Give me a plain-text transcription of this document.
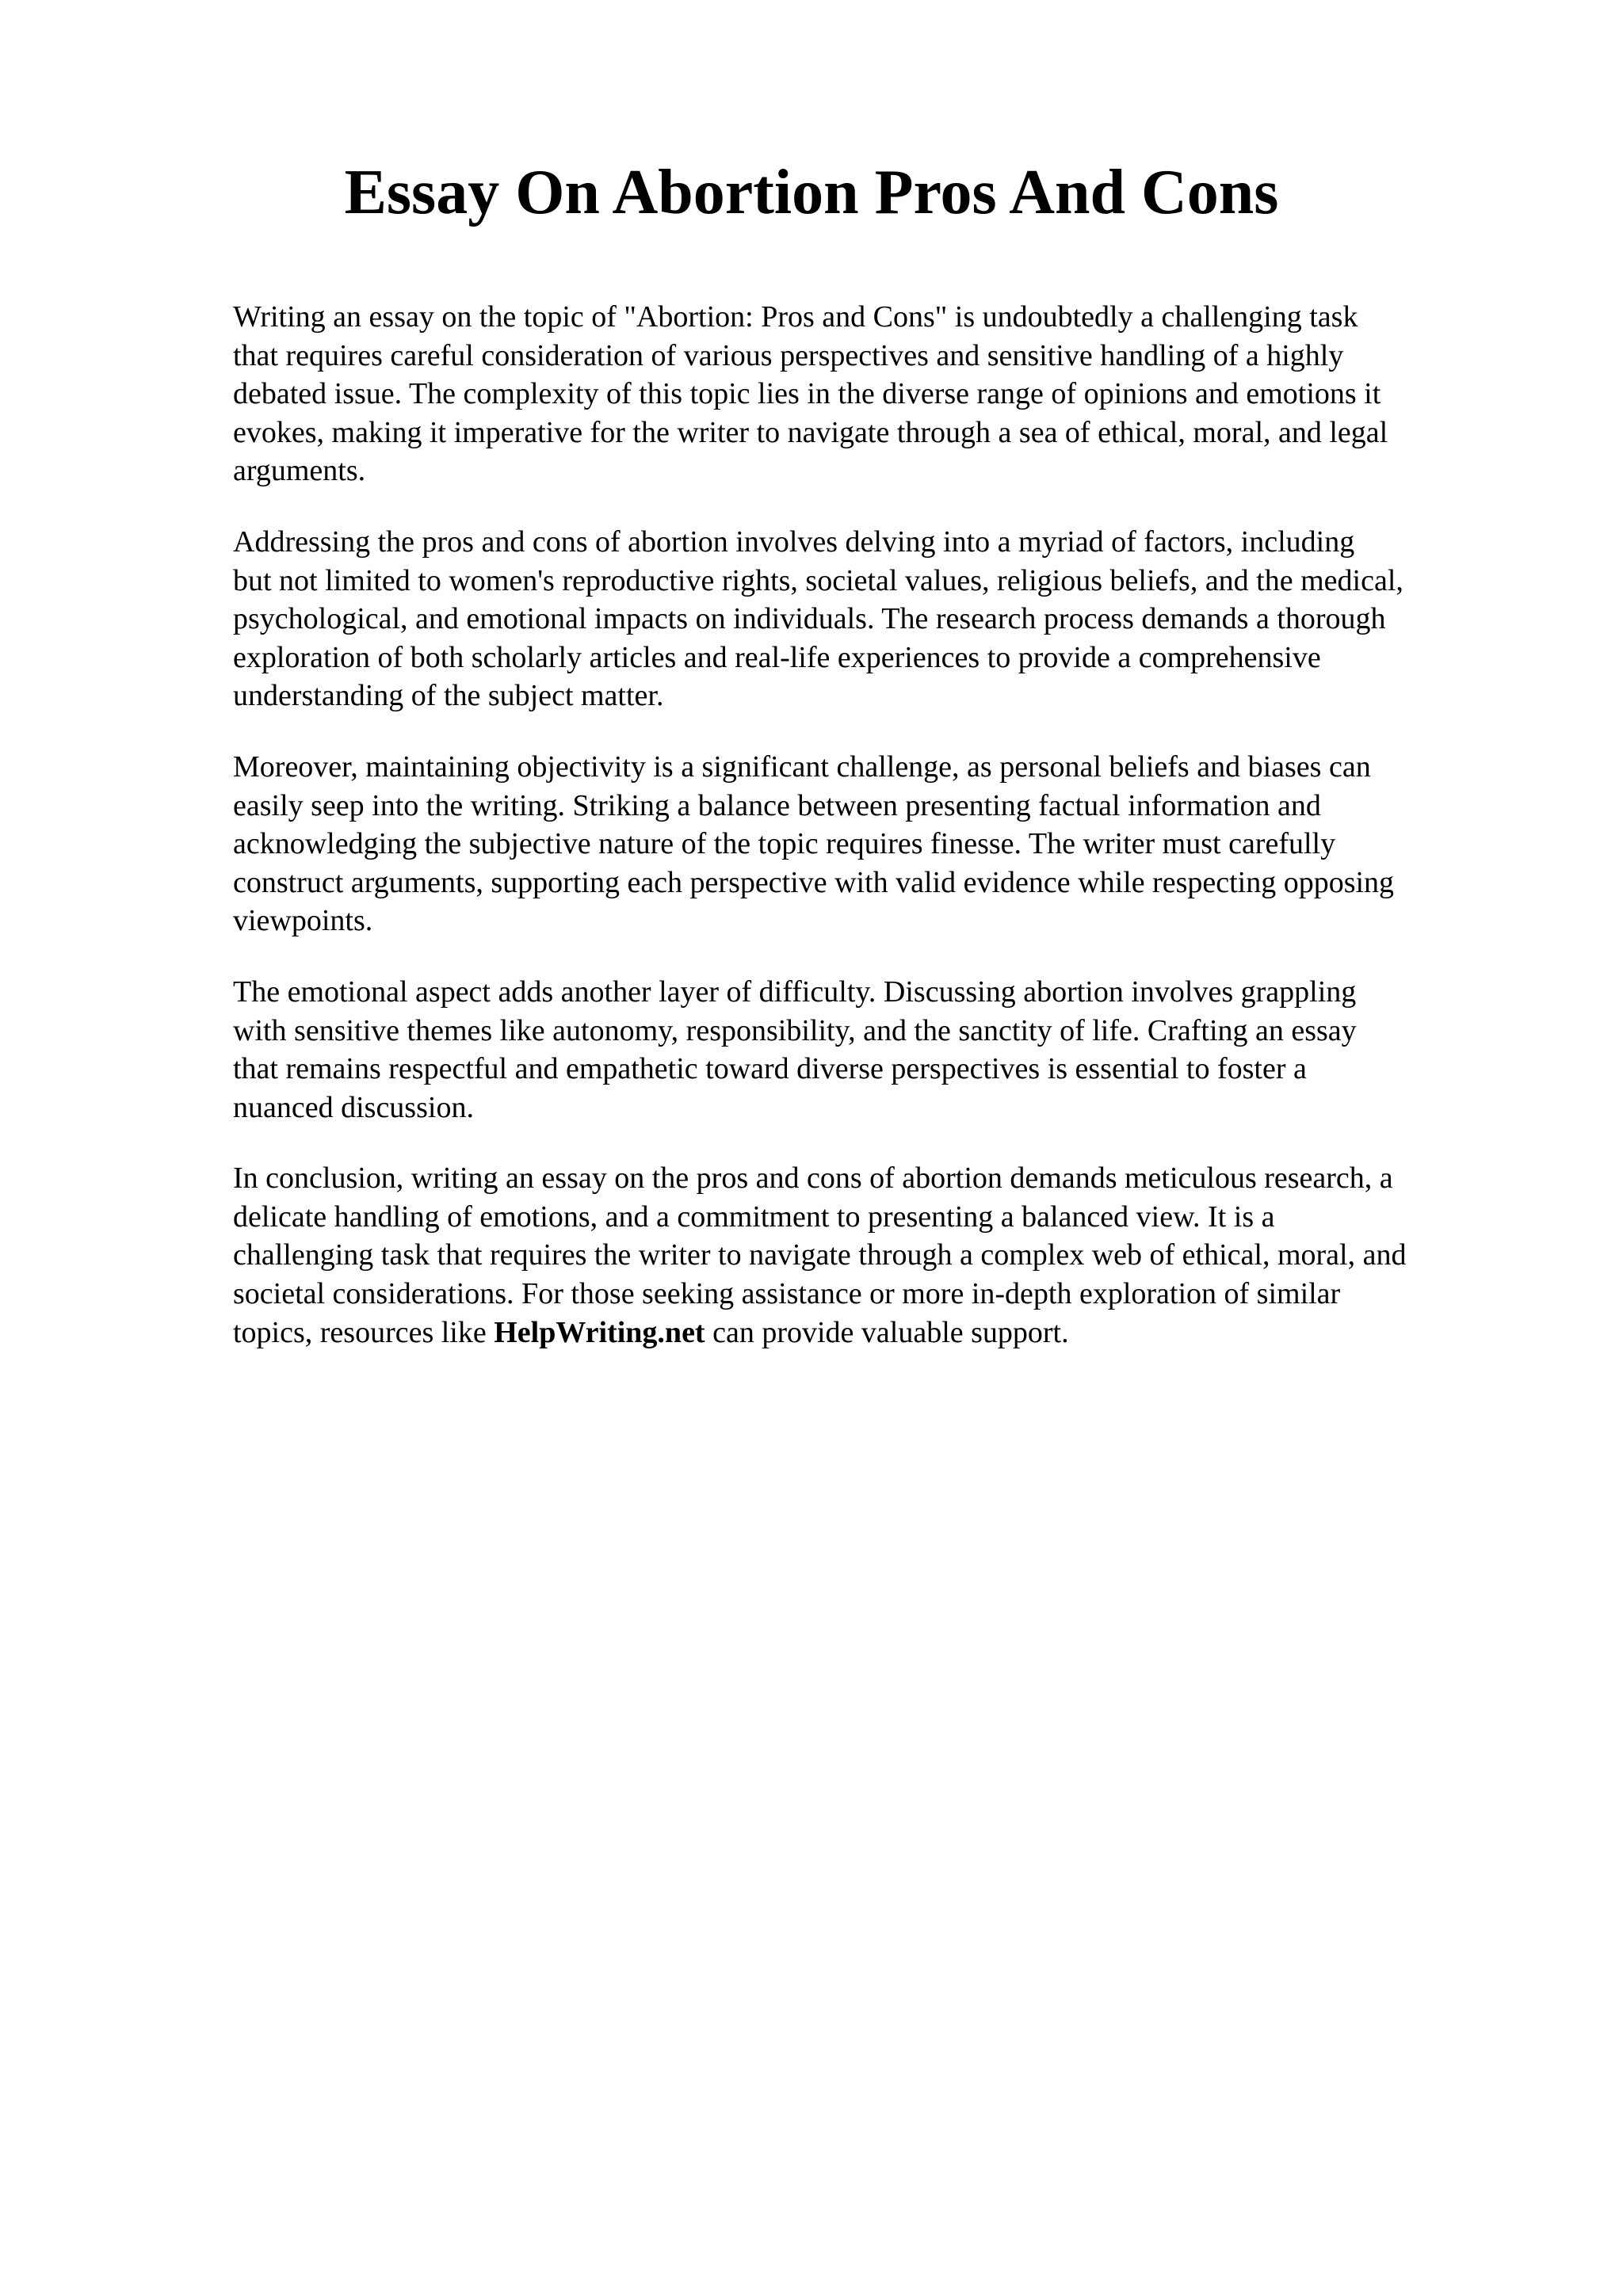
Essay On Abortion Pros And Cons

Writing an essay on the topic of "Abortion: Pros and Cons" is undoubtedly a challenging task
that requires careful consideration of various perspectives and sensitive handling of a highly
debated issue. The complexity of this topic lies in the diverse range of opinions and emotions it
evokes, making it imperative for the writer to navigate through a sea of ethical, moral, and legal
arguments.

Addressing the pros and cons of abortion involves delving into a myriad of factors, including
but not limited to women's reproductive rights, societal values, religious beliefs, and the medical,
psychological, and emotional impacts on individuals. The research process demands a thorough
exploration of both scholarly articles and real-life experiences to provide a comprehensive
understanding of the subject matter.

Moreover, maintaining objectivity is a significant challenge, as personal beliefs and biases can
easily seep into the writing. Striking a balance between presenting factual information and
acknowledging the subjective nature of the topic requires finesse. The writer must carefully
construct arguments, supporting each perspective with valid evidence while respecting opposing
viewpoints.

The emotional aspect adds another layer of difficulty. Discussing abortion involves grappling
with sensitive themes like autonomy, responsibility, and the sanctity of life. Crafting an essay
that remains respectful and empathetic toward diverse perspectives is essential to foster a
nuanced discussion.

In conclusion, writing an essay on the pros and cons of abortion demands meticulous research, a
delicate handling of emotions, and a commitment to presenting a balanced view. It is a
challenging task that requires the writer to navigate through a complex web of ethical, moral, and
societal considerations. For those seeking assistance or more in-depth exploration of similar
topics, resources like HelpWriting.net can provide valuable support.
